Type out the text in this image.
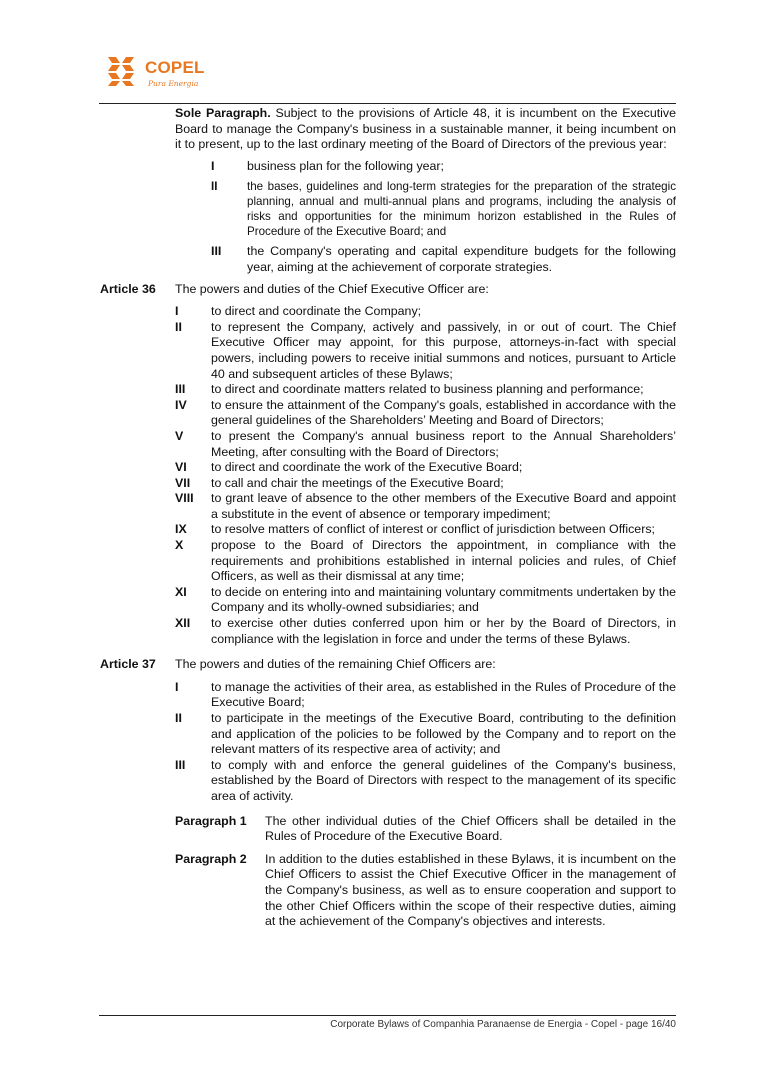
COPEL
Pura Energia
Sole Paragraph. Subject to the provisions of Article 48, it is incumbent on the Executive Board to manage the Company's business in a sustainable manner, it being incumbent on it to present, up to the last ordinary meeting of the Board of Directors of the previous year:
I	business plan for the following year;
II	the bases, guidelines and long-term strategies for the preparation of the strategic planning, annual and multi-annual plans and programs, including the analysis of risks and opportunities for the minimum horizon established in the Rules of Procedure of the Executive Board; and
III the Company's operating and capital expenditure budgets for the following year, aiming at the achievement of corporate strategies.
Article 36 The powers and duties of the Chief Executive Officer are:
I	to direct and coordinate the Company;
II to represent the Company, actively and passively, in or out of court. The Chief Executive Officer may appoint, for this purpose, attorneys-in-fact with special powers, including powers to receive initial summons and notices, pursuant to Article 40 and subsequent articles of these Bylaws;
III to direct and coordinate matters related to business planning and performance;
IV to ensure the attainment of the Company's goals, established in accordance with the general guidelines of the Shareholders’ Meeting and Board of Directors;
V to present the Company's annual business report to the Annual Shareholders’ Meeting, after consulting with the Board of Directors;
VI to direct and coordinate the work of the Executive Board;
VII to call and chair the meetings of the Executive Board;
VIII to grant leave of absence to the other members of the Executive Board and appoint a substitute in the event of absence or temporary impediment;
IX to resolve matters of conflict of interest or conflict of jurisdiction between Officers;
X propose to the Board of Directors the appointment, in compliance with the requirements and prohibitions established in internal policies and rules, of Chief Officers, as well as their dismissal at any time;
XI to decide on entering into and maintaining voluntary commitments undertaken by the Company and its wholly-owned subsidiaries; and
XII to exercise other duties conferred upon him or her by the Board of Directors, in compliance with the legislation in force and under the terms of these Bylaws.
Article 37 The powers and duties of the remaining Chief Officers are:
I	to manage the activities of their area, as established in the Rules of Procedure of the Executive Board;
II to participate in the meetings of the Executive Board, contributing to the definition and application of the policies to be followed by the Company and to report on the relevant matters of its respective area of activity; and
III to comply with and enforce the general guidelines of the Company's business, established by the Board of Directors with respect to the management of its specific area of activity.
Paragraph 1 The other individual duties of the Chief Officers shall be detailed in the Rules of Procedure of the Executive Board.
Paragraph 2 In addition to the duties established in these Bylaws, it is incumbent on the Chief Officers to assist the Chief Executive Officer in the management of the Company's business, as well as to ensure cooperation and support to the other Chief Officers within the scope of their respective duties, aiming at the achievement of the Company's objectives and interests.
Corporate Bylaws of Companhia Paranaense de Energia - Copel - page 16/40
